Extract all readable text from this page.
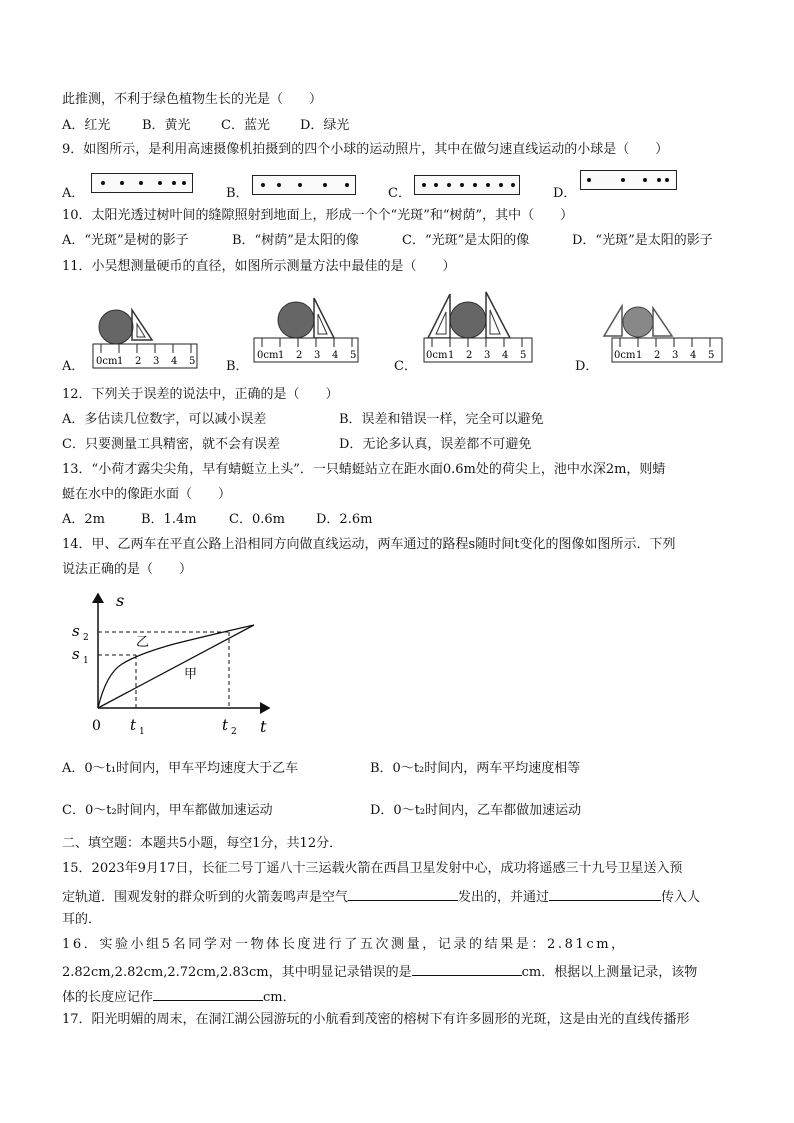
此推测，不利于绿色植物生长的光是（　　）
A．红光 B．黄光 C．蓝光 D．绿光
9．如图所示，是利用高速摄像机拍摄到的四个小球的运动照片，其中在做匀速直线运动的小球是（　　）
A．	B．	C．	D．
10．太阳光透过树叶间的缝隙照射到地面上，形成一个个“光斑”和“树荫”，其中（　　）
A．“光斑”是树的影子	B．“树荫”是太阳的像	C．“光斑”是太阳的像	D．“光斑”是太阳的影子
11．小吴想测量硬币的直径，如图所示测量方法中最佳的是（　　）
A． 0cm 1 2 3 4 5 B．
0cm 1 2 3 4 5
C．
0cm 1 2 3 4 5
D．
0cm 1 2 3 4 5
12．下列关于误差的说法中，正确的是（　　）
A．多估读几位数字，可以减小误差	B．误差和错误一样，完全可以避免
C．只要测量工具精密，就不会有误差	D．无论多认真，误差都不可避免
13．“小荷才露尖尖角，早有蜻蜓立上头”．一只蜻蜓站立在距水面0.6m处的荷尖上，池中水深2m，则蜻
蜓在水中的像距水面（　　）
A．2m	B．1.4m C．0.6m D．2.6m
14．甲、乙两车在平直公路上沿相同方向做直线运动，两车通过的路程s随时间t变化的图像如图所示．下列
说法正确的是（　　）
s
t
0
s 1
s 2
t 1	t 2
乙
甲
A．0～t₁时间内，甲车平均速度大于乙车	B．0～t₂时间内，两车平均速度相等
C．0～t₂时间内，甲车都做加速运动	D．0～t₂时间内，乙车都做加速运动
二、填空题：本题共5小题，每空1分，共12分．
15．2023年9月17日，长征二号丁遥八十三运载火箭在西昌卫星发射中心，成功将遥感三十九号卫星送入预
定轨道．围观发射的群众听到的火箭轰鸣声是空气	发出的，并通过	传入人
耳的．
16．实验小组5名同学对一物体长度进行了五次测量，记录的结果是：2.81cm，
2.82cm,2.82cm,2.72cm,2.83cm，其中明显记录错误的是	cm．根据以上测量记录，该物
体的长度应记作	cm．
17．阳光明媚的周末，在洞江湖公园游玩的小航看到茂密的榕树下有许多圆形的光斑，这是由光的直线传播形
